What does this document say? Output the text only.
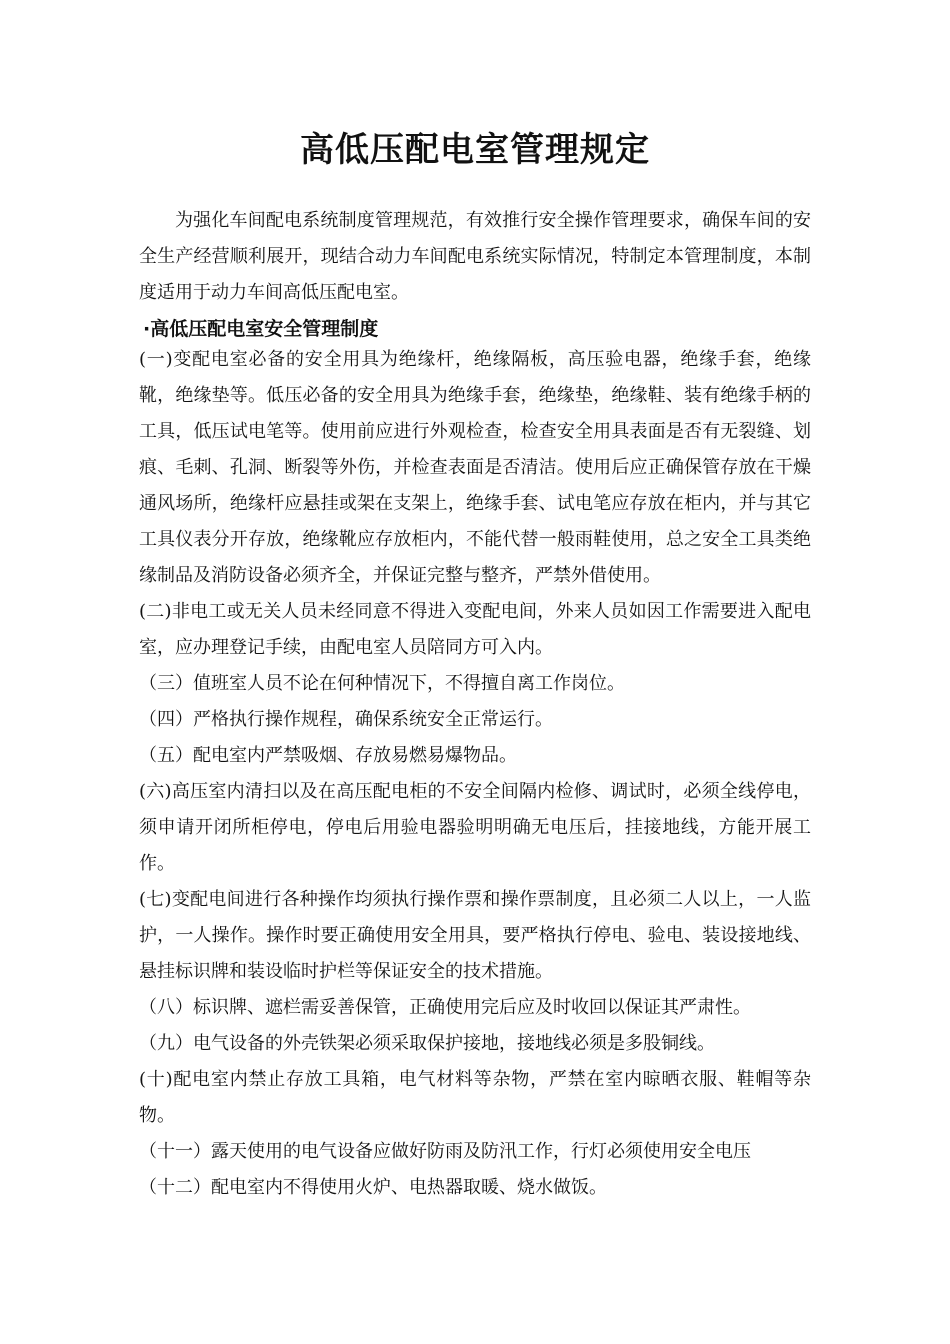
高低压配电室管理规定

为强化车间配电系统制度管理规范，有效推行安全操作管理要求，确保车间的安全生产经营顺利展开，现结合动力车间配电系统实际情况，特制定本管理制度，本制度适用于动力车间高低压配电室。

·高低压配电室安全管理制度
(一)变配电室必备的安全用具为绝缘杆，绝缘隔板，高压验电器，绝缘手套，绝缘靴，绝缘垫等。低压必备的安全用具为绝缘手套，绝缘垫，绝缘鞋、装有绝缘手柄的工具，低压试电笔等。使用前应进行外观检查，检查安全用具表面是否有无裂缝、划痕、毛刺、孔洞、断裂等外伤，并检查表面是否清洁。使用后应正确保管存放在干燥通风场所，绝缘杆应悬挂或架在支架上，绝缘手套、试电笔应存放在柜内，并与其它工具仪表分开存放，绝缘靴应存放柜内，不能代替一般雨鞋使用，总之安全工具类绝缘制品及消防设备必须齐全，并保证完整与整齐，严禁外借使用。
(二)非电工或无关人员未经同意不得进入变配电间，外来人员如因工作需要进入配电室，应办理登记手续，由配电室人员陪同方可入内。
（三）值班室人员不论在何种情况下，不得擅自离工作岗位。
（四）严格执行操作规程，确保系统安全正常运行。
（五）配电室内严禁吸烟、存放易燃易爆物品。
(六)高压室内清扫以及在高压配电柜的不安全间隔内检修、调试时，必须全线停电，须申请开闭所柜停电，停电后用验电器验明明确无电压后，挂接地线，方能开展工作。
(七)变配电间进行各种操作均须执行操作票和操作票制度，且必须二人以上，一人监护，一人操作。操作时要正确使用安全用具，要严格执行停电、验电、装设接地线、悬挂标识牌和装设临时护栏等保证安全的技术措施。
（八）标识牌、遮栏需妥善保管，正确使用完后应及时收回以保证其严肃性。
（九）电气设备的外壳铁架必须采取保护接地，接地线必须是多股铜线。
(十)配电室内禁止存放工具箱，电气材料等杂物，严禁在室内晾晒衣服、鞋帽等杂物。
（十一）露天使用的电气设备应做好防雨及防汛工作，行灯必须使用安全电压
（十二）配电室内不得使用火炉、电热器取暖、烧水做饭。
